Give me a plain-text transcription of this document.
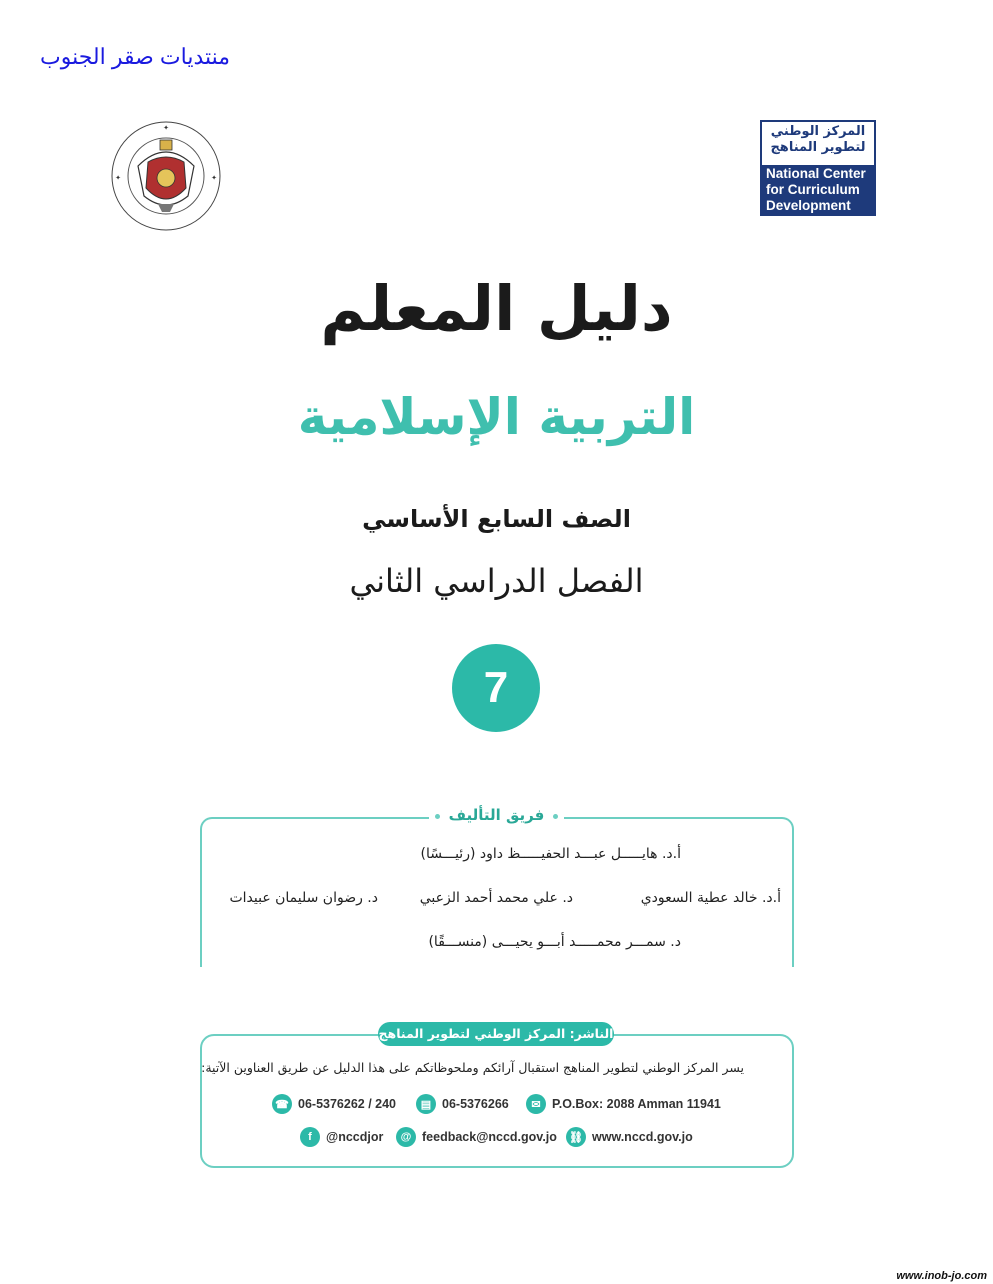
منتديات صقر الجنوب
✦
✦	✦
المركز الوطني
لتطوير المناهج
National Center
for Curriculum
Development
دليل المعلم
التربية الإسلامية
الصف السابع الأساسي
الفصل الدراسي الثاني
7
فريق التأليف
أ.د. هايـــــل عبـــد الحفيـــــظ داود (رئيـــسًا)
أ.د. خالد عطية السعودي
د. علي محمد أحمد الزعبي
د. رضوان سليمان عبيدات
د. سمـــر محمـــــد أبـــو يحيـــى (منســـقًا)
الناشر: المركز الوطني لتطوير المناهج
يسر المركز الوطني لتطوير المناهج استقبال آرائكم وملحوظاتكم على هذا الدليل عن طريق العناوين الآتية:
☎ 06-5376262 / 240	▤ 06-5376266	✉ P.O.Box: 2088 Amman 11941
f	@nccdjor	@ feedback@nccd.gov.jo ⛓ www.nccd.gov.jo
www.inob-jo.com
